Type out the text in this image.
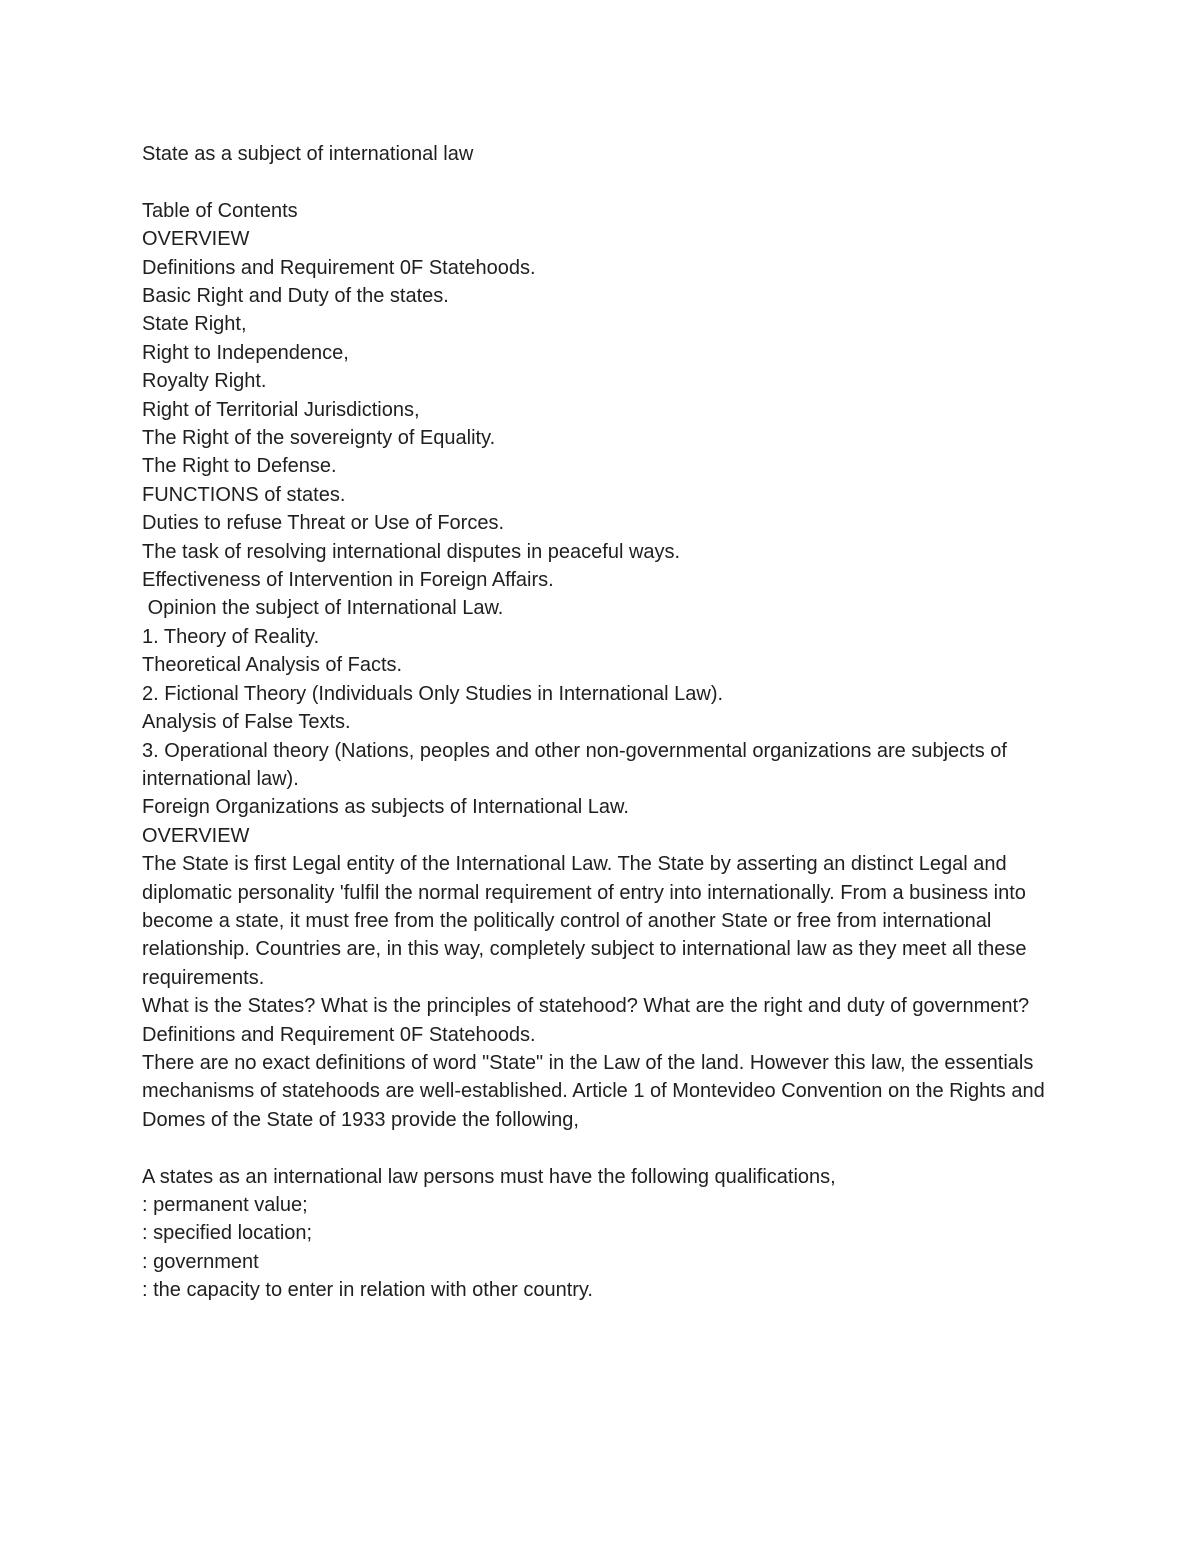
State as a subject of international law

Table of Contents

OVERVIEW

Definitions and Requirement 0F Statehoods.

Basic Right and Duty of the states.

State Right,

Right to Independence,

Royalty Right.

Right of Territorial Jurisdictions,

The Right of the sovereignty of Equality.

The Right to Defense.

FUNCTIONS of states.

Duties to refuse Threat or Use of Forces.

The task of resolving international disputes in peaceful ways.

Effectiveness of Intervention in Foreign Affairs.

Opinion the subject of International Law.

1. Theory of Reality.

Theoretical Analysis of Facts.

2. Fictional Theory (Individuals Only Studies in International Law).

Analysis of False Texts.

3. Operational theory (Nations, peoples and other non-governmental organizations are subjects of international law).

Foreign Organizations as subjects of International Law.

OVERVIEW

The State is first Legal entity of the International Law. The State by asserting an distinct Legal and diplomatic personality 'fulfil the normal requirement of entry into internationally. From a business into become a state, it must free from the politically control of another State or free from international relationship. Countries are, in this way, completely subject to international law as they meet all these requirements.

What is the States? What is the principles of statehood? What are the right and duty of government?

Definitions and Requirement 0F Statehoods.

There are no exact definitions of word "State" in the Law of the land. However this law, the essentials mechanisms of statehoods are well-established. Article 1 of Montevideo Convention on the Rights and Domes of the State of 1933 provide the following,

A states as an international law persons must have the following qualifications,

: permanent value;

: specified location;

: government

: the capacity to enter in relation with other country.
